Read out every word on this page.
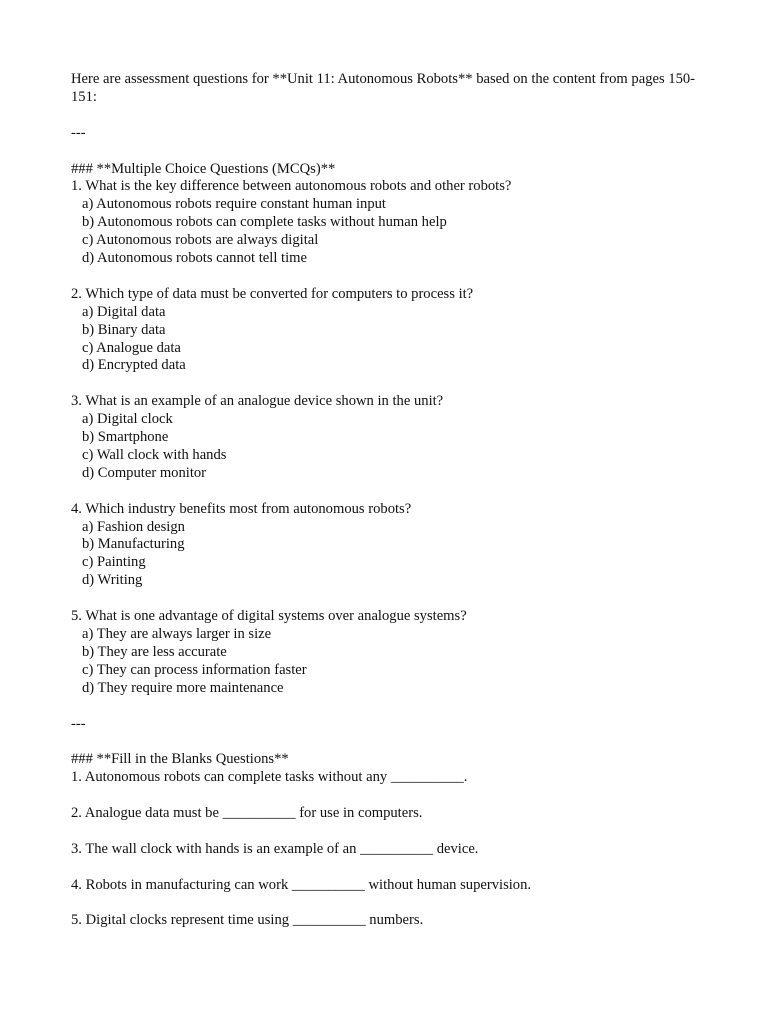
Here are assessment questions for **Unit 11: Autonomous Robots** based on the content from pages 150-151:
---
### **Multiple Choice Questions (MCQs)**
1. What is the key difference between autonomous robots and other robots?
a) Autonomous robots require constant human input
b) Autonomous robots can complete tasks without human help
c) Autonomous robots are always digital
d) Autonomous robots cannot tell time
2. Which type of data must be converted for computers to process it?
a) Digital data
b) Binary data
c) Analogue data
d) Encrypted data
3. What is an example of an analogue device shown in the unit?
a) Digital clock
b) Smartphone
c) Wall clock with hands
d) Computer monitor
4. Which industry benefits most from autonomous robots?
a) Fashion design
b) Manufacturing
c) Painting
d) Writing
5. What is one advantage of digital systems over analogue systems?
a) They are always larger in size
b) They are less accurate
c) They can process information faster
d) They require more maintenance
---
### **Fill in the Blanks Questions**
1. Autonomous robots can complete tasks without any __________.
2. Analogue data must be __________ for use in computers.
3. The wall clock with hands is an example of an __________ device.
4. Robots in manufacturing can work __________ without human supervision.
5. Digital clocks represent time using __________ numbers.
